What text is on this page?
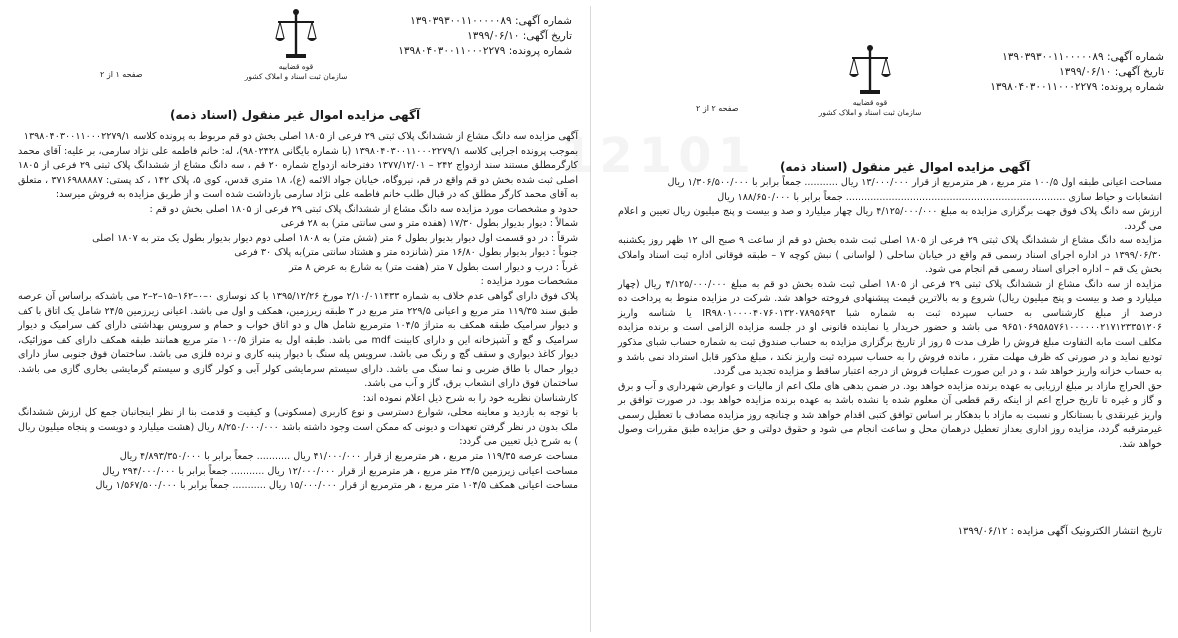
قوه قضاییه
سازمان ثبت اسناد و املاک کشور
شماره آگهی: ۱۳۹۰۳۹۳۰۰۱۱۰۰۰۰۰۸۹
تاریخ آگهی: ۱۳۹۹/۰۶/۱۰
شماره پرونده: ۱۳۹۸۰۴۰۳۰۰۱۱۰۰۰۲۲۷۹
صفحه ۱ از ۲
آگهی مزایده اموال غیر منقول (اسناد ذمه)

آگهی مزایده سه دانگ مشاع از ششدانگ پلاک ثبتی ۲۹ فرعی از ۱۸۰۵ اصلی بخش دو قم مربوط به پرونده کلاسه ۱۳۹۸۰۴۰۳۰۰۱۱۰۰۰۲۲۷۹/۱

بموجب پرونده اجرایی کلاسه ۱۳۹۸۰۴۰۳۰۰۱۱۰۰۰۲۲۷۹/۱ (با شماره بایگانی ۹۸۰۲۴۲۸)، له: خانم فاطمه علی نژاد سارمی، بر علیه: آقای محمد کارگرمطلق مستند سند ازدواج ۲۴۲ – ۱۳۷۷/۱۲/۰۱ دفترخانه ازدواج شماره ۲۰ قم ، سه دانگ مشاع از ششدانگ پلاک ثبتی ۲۹ فرعی از ۱۸۰۵ اصلی ثبت شده بخش دو قم واقع در قم، نیروگاه، خیابان جواد الائمه (ع)، ۱۸ متری قدس، کوی ۵، پلاک ۱۴۲ ، کد پستی: ۳۷۱۶۹۸۸۸۸۷ ، متعلق به آقای محمد کارگر مطلق که در قبال طلب خانم فاطمه علی نژاد سارمی بازداشت شده است و از طریق مزایده به فروش میرسد:

حدود و مشخصات مورد مزایده سه دانگ مشاع از ششدانگ پلاک ثبتی ۲۹ فرعی از ۱۸۰۵ اصلی بخش دو قم :

شمالاً : دیوار بدیوار بطول ۱۷/۳۰ (هفده متر و سی سانتی متر) به ۲۸ فرعی

شرقاً : در دو قسمت اول دیوار بدیوار بطول ۶ متر (شش متر) به ۱۸۰۸ اصلی دوم دیوار بدیوار بطول یک متر به ۱۸۰۷ اصلی

جنوباً : دیوار بدیوار بطول ۱۶/۸۰ متر (شانزده متر و هشتاد سانتی متر)به پلاک ۳۰ فرعی

غرباً : درب و دیوار است بطول ۷ متر (هفت متر) به شارع به عرض ۸ متر

مشخصات مورد مزایده :

پلاک فوق دارای گواهی عدم خلاف به شماره ۲/۱۰/۰۱۱۴۳۳ مورخ ۱۳۹۵/۱۲/۲۶ با کد نوسازی ۰–۰–۱۶۲–۱۵–۲–۲ می باشدکه براساس آن عرصه طبق سند ۱۱۹/۳۵ متر مربع و اعیانی ۲۲۹/۵ متر مربع در ۳ طبقه زیرزمین، همکف و اول می باشد. اعیانی زیرزمین ۲۴/۵ شامل یک اتاق با کف و دیوار سرامیک طبقه همکف به متراژ ۱۰۴/۵ مترمربع شامل هال و دو اتاق خواب و حمام و سرویس بهداشتی دارای کف سرامیک و دیوار سرامیک و گچ و آشپزخانه این و دارای کابینت mdf می باشد. طبقه اول به متراژ ۱۰۰/۵ متر مربع همانند طبقه همکف دارای کف موزائیک، دیوار کاغذ دیواری و سقف گچ و رنگ می باشد. سرویس پله سنگ با دیوار پنبه کاری و نرده فلزی می باشد. ساختمان فوق جنوبی ساز دارای دیوار حمال با طاق ضربی و نما سنگ می باشد. دارای سیستم سرمایشی کولر آبی و کولر گازی و سیستم گرمایشی بخاری گازی می باشد. ساختمان فوق دارای انشعاب برق، گاز و آب می باشد.

کارشناسان نظریه خود را به شرح ذیل اعلام نموده اند:

با توجه به بازدید و معاینه محلی، شوارع دسترسی و نوع کاربری (مسکونی) و کیفیت و قدمت بنا از نظر اینجانبان جمع کل ارزش ششدانگ ملک بدون در نظر گرفتن تعهدات و دیونی که ممکن است وجود داشته باشد ۸/۲۵۰/۰۰۰/۰۰۰ ریال (هشت میلیارد و دویست و پنجاه میلیون ریال ) به شرح ذیل تعیین می گردد:

مساحت عرصه ۱۱۹/۳۵ متر مربع ، هر مترمربع از قرار ۴۱/۰۰۰/۰۰۰ ریال ........... جمعاً برابر با ۴/۸۹۳/۳۵۰/۰۰۰ ریال

مساحت اعیانی زیرزمین ۲۴/۵ متر مربع ، هر مترمربع از قرار ۱۲/۰۰۰/۰۰۰ ریال ........... جمعاً برابر با ۲۹۴/۰۰۰/۰۰۰ ریال

مساحت اعیانی همکف ۱۰۴/۵ متر مربع ، هر مترمربع از قرار ۱۵/۰۰۰/۰۰۰ ریال ........... جمعاً برابر با ۱/۵۶۷/۵۰۰/۰۰۰ ریال

قوه قضاییه
سازمان ثبت اسناد و املاک کشور
شماره آگهی: ۱۳۹۰۳۹۳۰۰۱۱۰۰۰۰۰۸۹
تاریخ آگهی: ۱۳۹۹/۰۶/۱۰
شماره پرونده: ۱۳۹۸۰۴۰۳۰۰۱۱۰۰۰۲۲۷۹
صفحه ۲ از ۲
آگهی مزایده اموال غیر منقول (اسناد ذمه)

مساحت اعیانی طبقه اول ۱۰۰/۵ متر مربع ، هر مترمربع از قرار ۱۳/۰۰۰/۰۰۰ ریال ........... جمعاً برابر با ۱/۳۰۶/۵۰۰/۰۰۰ ریال

انشعابات و حیاط سازی ........................................................................ جمعاً برابر با ۱۸۸/۶۵۰/۰۰۰ ریال

ارزش سه دانگ پلاک فوق جهت برگزاری مزایده به مبلغ ۴/۱۲۵/۰۰۰/۰۰۰ ریال چهار میلیارد و صد و بیست و پنج میلیون ریال تعیین و اعلام می گردد.

مزایده سه دانگ مشاع از ششدانگ پلاک ثبتی ۲۹ فرعی از ۱۸۰۵ اصلی ثبت شده بخش دو قم از ساعت ۹ صبح الی ۱۲ ظهر روز یکشنبه ۱۳۹۹/۰۶/۳۰ در اداره اجرای اسناد رسمی قم واقع در خیابان ساحلی ( لواسانی ) نبش کوچه ۷ – طبقه فوقانی اداره ثبت اسناد واملاک بخش یک قم – اداره اجرای اسناد رسمی قم انجام می شود.

مزایده از سه دانگ مشاع از ششدانگ پلاک ثبتی ۲۹ فرعی از ۱۸۰۵ اصلی ثبت شده بخش دو قم به مبلغ ۴/۱۲۵/۰۰۰/۰۰۰ ریال (چهار میلیارد و صد و بیست و پنج میلیون ریال) شروع و به بالاترین قیمت پیشنهادی فروخته خواهد شد. شرکت در مزایده منوط به پرداخت ده درصد از مبلغ کارشناسی به حساب سپرده ثبت به شماره شبا IR۹۸۰۱۰۰۰۰۴۰۷۶۰۱۳۲۰۷۸۹۵۶۹۳ یا شناسه واریز ۹۶۵۱۰۶۹۵۸۵۷۶۱۰۰۰۰۰۰۲۱۷۱۲۳۳۵۱۲۰۶ می باشد و حضور خریدار یا نماینده قانونی او در جلسه مزایده الزامی است و برنده مزایده مکلف است مابه التفاوت مبلغ فروش را ظرف مدت ۵ روز از تاریخ برگزاری مزایده به حساب صندوق ثبت به شماره حساب شبای مذکور تودیع نماید و در صورتی که ظرف مهلت مقرر ، مانده فروش را به حساب سپرده ثبت واریز نکند ، مبلغ مذکور قابل استرداد نمی باشد و به حساب خزانه واریز خواهد شد ، و در این صورت عملیات فروش از درجه اعتبار ساقط و مزایده تجدید می گردد.

حق الحراج مازاد بر مبلغ ارزیابی به عهده برنده مزایده خواهد بود. در ضمن بدهی های ملک اعم از مالیات و عوارض شهرداری و آب و برق و گاز و غیره تا تاریخ حراج اعم از اینکه رقم قطعی آن معلوم شده یا نشده باشد به عهده برنده مزایده خواهد بود. در صورت توافق بر واریز غیرنقدی با بستانکار و نسبت به مازاد با بدهکار بر اساس توافق کتبی اقدام خواهد شد و چنانچه روز مزایده مصادف با تعطیل رسمی غیرمترقبه گردد، مزایده روز اداری بعداز تعطیل درهمان محل و ساعت انجام می شود و حقوق دولتی و حق مزایده طبق مقررات وصول خواهد شد.

تاریخ انتشار الکترونیک آگهی مزایده : ۱۳۹۹/۰۶/۱۲
